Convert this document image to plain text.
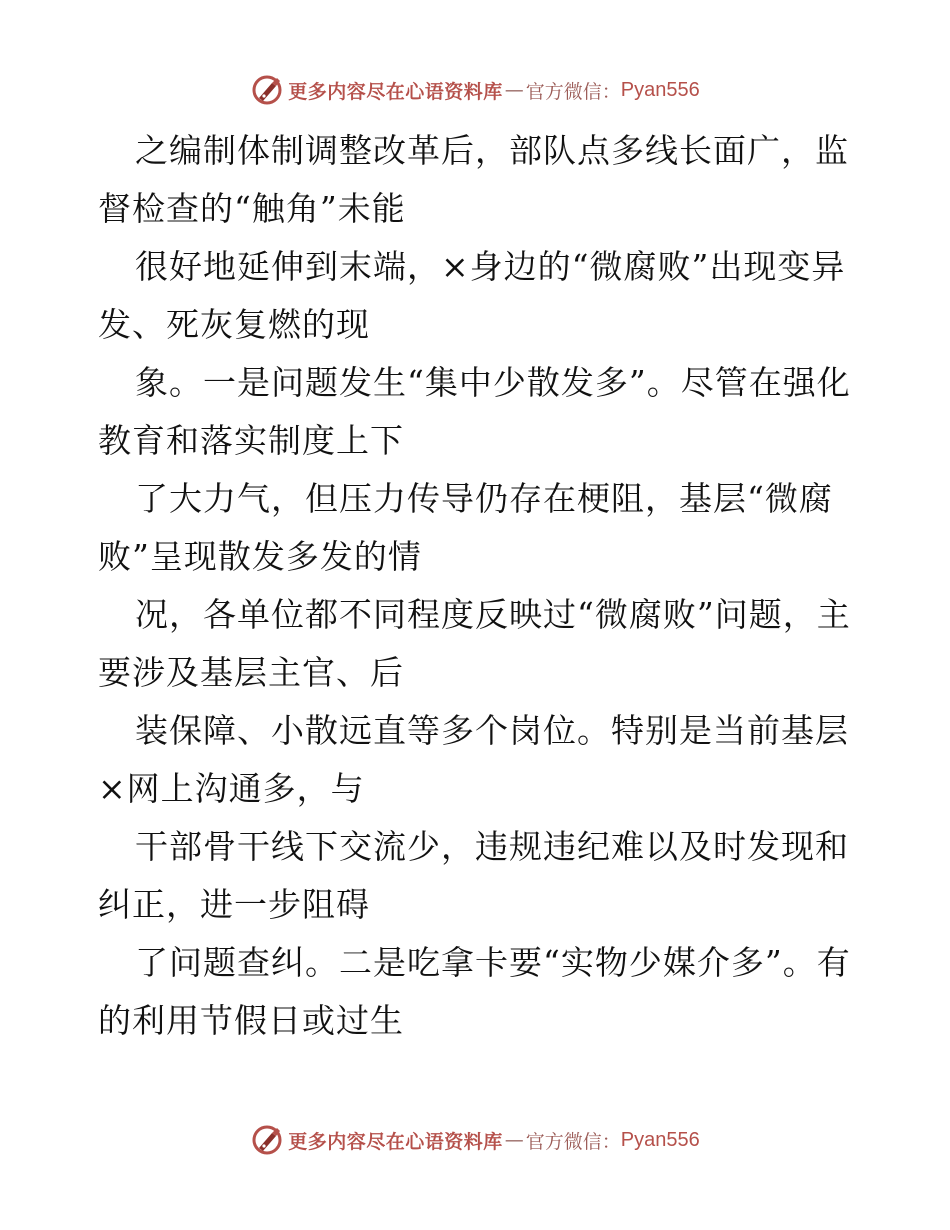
更多内容尽在心语资料库 — 官方微信： Pyan556

之编制体制调整改革后，部队点多线长面广，监督检查的“触角”未能

很好地延伸到末端，×身边的“微腐败”出现变异发、死灰复燃的现

象。一是问题发生“集中少散发多”。尽管在强化教育和落实制度上下

了大力气，但压力传导仍存在梗阻，基层“微腐败”呈现散发多发的情

况，各单位都不同程度反映过“微腐败”问题，主要涉及基层主官、后

装保障、小散远直等多个岗位。特别是当前基层×网上沟通多，与

干部骨干线下交流少，违规违纪难以及时发现和纠正，进一步阻碍

了问题查纠。二是吃拿卡要“实物少媒介多”。有的利用节假日或过生

更多内容尽在心语资料库 — 官方微信： Pyan556
